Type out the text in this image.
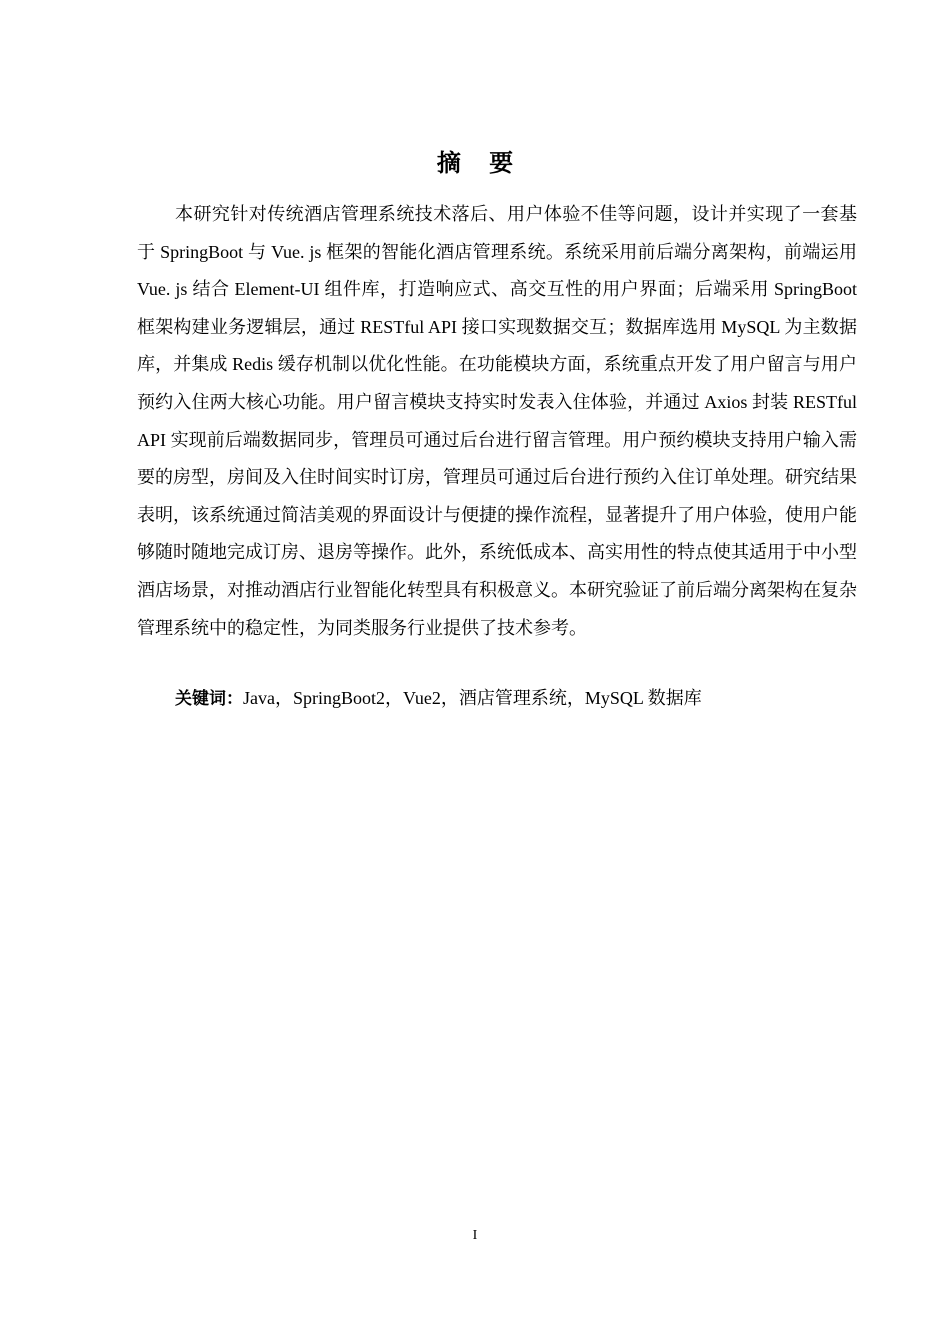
摘 要

本研究针对传统酒店管理系统技术落后、用户体验不佳等问题，设计并实现了一套基于 SpringBoot 与 Vue. js 框架的智能化酒店管理系统。系统采用前后端分离架构，前端运用 Vue. js 结合 Element-UI 组件库，打造响应式、高交互性的用户界面；后端采用 SpringBoot 框架构建业务逻辑层，通过 RESTful API 接口实现数据交互；数据库选用 MySQL 为主数据库，并集成 Redis 缓存机制以优化性能。在功能模块方面，系统重点开发了用户留言与用户预约入住两大核心功能。用户留言模块支持实时发表入住体验，并通过 Axios 封装 RESTful API 实现前后端数据同步，管理员可通过后台进行留言管理。用户预约模块支持用户输入需要的房型，房间及入住时间实时订房，管理员可通过后台进行预约入住订单处理。研究结果表明，该系统通过简洁美观的界面设计与便捷的操作流程，显著提升了用户体验，使用户能够随时随地完成订房、退房等操作。此外，系统低成本、高实用性的特点使其适用于中小型酒店场景，对推动酒店行业智能化转型具有积极意义。本研究验证了前后端分离架构在复杂管理系统中的稳定性，为同类服务行业提供了技术参考。

关键词：Java，SpringBoot2，Vue2，酒店管理系统，MySQL 数据库
I
